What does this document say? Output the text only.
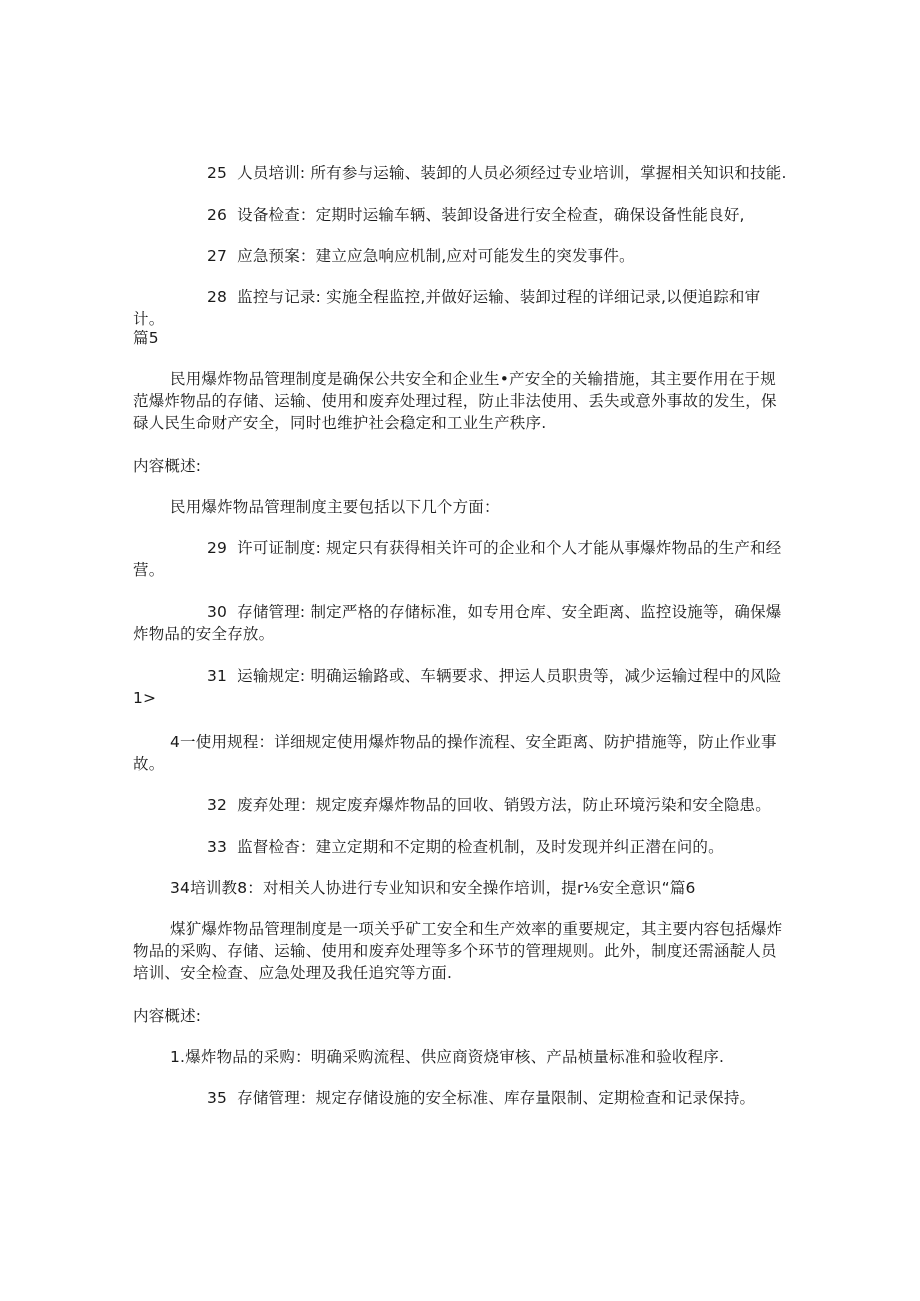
25 人员培训: 所有参与运输、装卸的人员必须经过专业培训，掌握相关知识和技能.

26 设备检查：定期时运输车辆、装卸设备进行安全检查，确保设备性能良好,

27 应急预案：建立应急响应机制,应对可能发生的突发事件。

28 监控与记录: 实施全程监控,并做好运输、装卸过程的详细记录,以便追踪和审计。

篇5

民用爆炸物品管理制度是确保公共安全和企业生•产安全的关输措施，其主要作用在于规范爆炸物品的存储、运输、使用和废弃处理过程，防止非法使用、丢失或意外事故的发生，保碌人民生命财产安全，同时也维护社会稳定和工业生产秩序.

内容概述:

民用爆炸物品管理制度主要包括以下几个方面：

29 许可证制度: 规定只有获得相关许可的企业和个人才能从事爆炸物品的生产和经营。

30 存储管理: 制定严格的存储标准，如专用仓库、安全距离、监控设施等，确保爆炸物品的安全存放。

31 运输规定: 明确运输路或、车辆要求、押运人员职贵等，减少运输过程中的风险1>

4一使用规程：详细规定使用爆炸物品的操作流程、安全距离、防护措施等，防止作业事故。

32 废弃处理：规定废弃爆炸物品的回收、销毁方法，防止环境污染和安全隐患。

33 监督检杳：建立定期和不定期的检查机制，及时发现并纠正潜在问的。

34培训教8：对相关人协进行专业知识和安全操作培训，提r⅛安全意识“篇6

煤犷爆炸物品管理制度是一项关乎矿工安全和生产效率的重要规定，其主要内容包括爆炸物品的采购、存储、运输、使用和废弃处理等多个环节的管理规则。此外，制度还需涵靛人员培训、安全检查、应急处理及我任追究等方面.

内容概述:

1.爆炸物品的采购：明确采购流程、供应商资烧审核、产品桢量标准和验收程序.

35 存储管理：规定存储设施的安全标准、库存量限制、定期检查和记录保持。
